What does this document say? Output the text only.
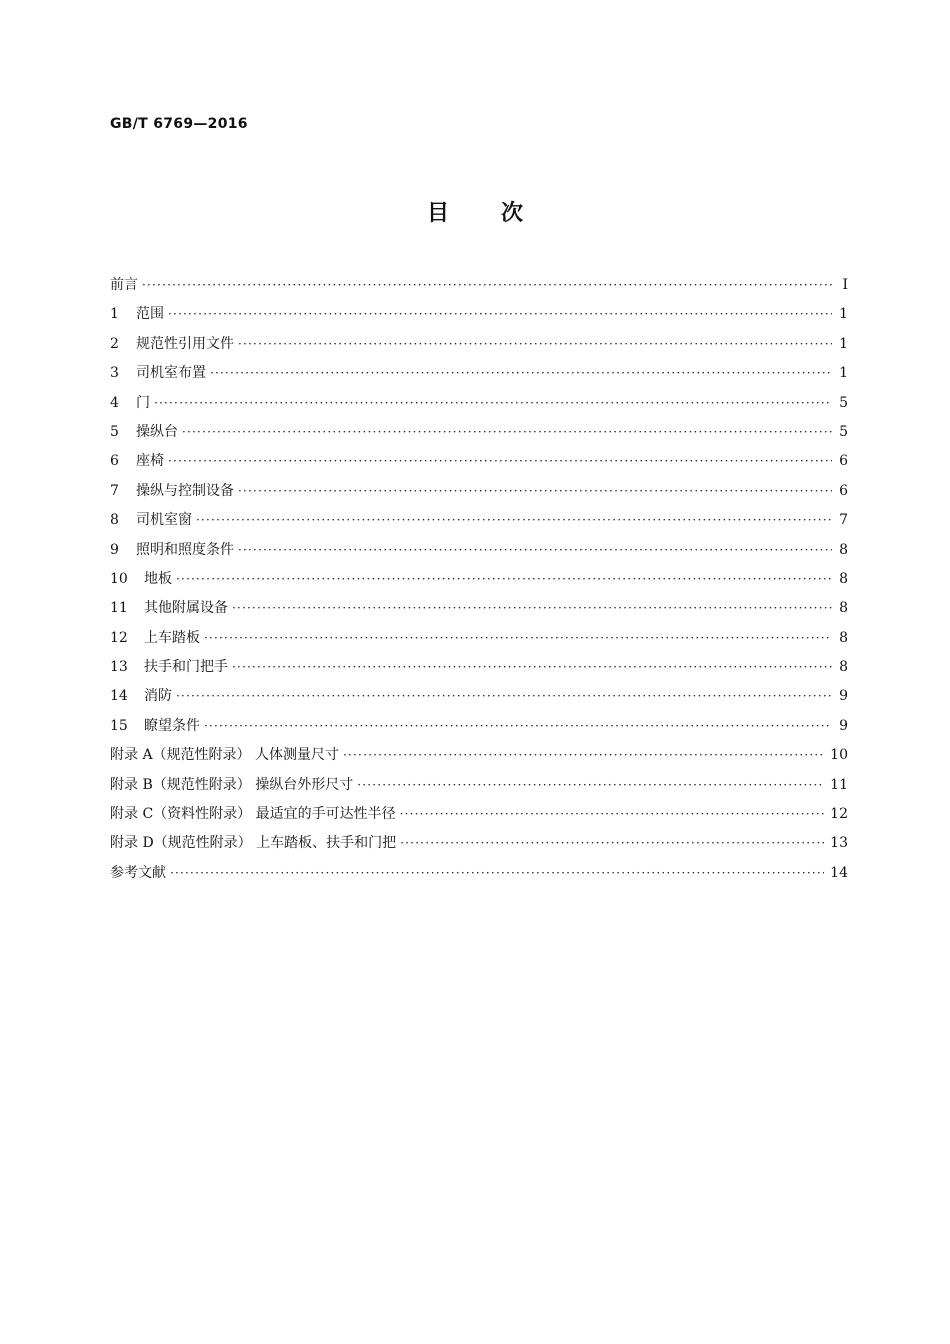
GB/T 6769—2016
目次
前言 ·····	Ⅰ
1	范围 ·····	1
2	规范性引用文件 ·····	1
3	司机室布置 ·····	1
4	门 ·····	5
5	操纵台 ·····	5
6	座椅 ·····	6
7	操纵与控制设备 ·····	6
8	司机室窗 ·····	7
9	照明和照度条件 ·····	8
10	地板 ·····	8
11	其他附属设备 ·····	8
12	上车踏板 ·····	8
13	扶手和门把手 ·····	8
14	消防 ·····	9
15	瞭望条件 ·····	9
附录 A（规范性附录） 人体测量尺寸 ·····	10
附录 B（规范性附录） 操纵台外形尺寸 ·····	11
附录 C（资料性附录） 最适宜的手可达性半径 ·····	12
附录 D（规范性附录） 上车踏板、扶手和门把 ·····	13
参考文献 ·····	14
